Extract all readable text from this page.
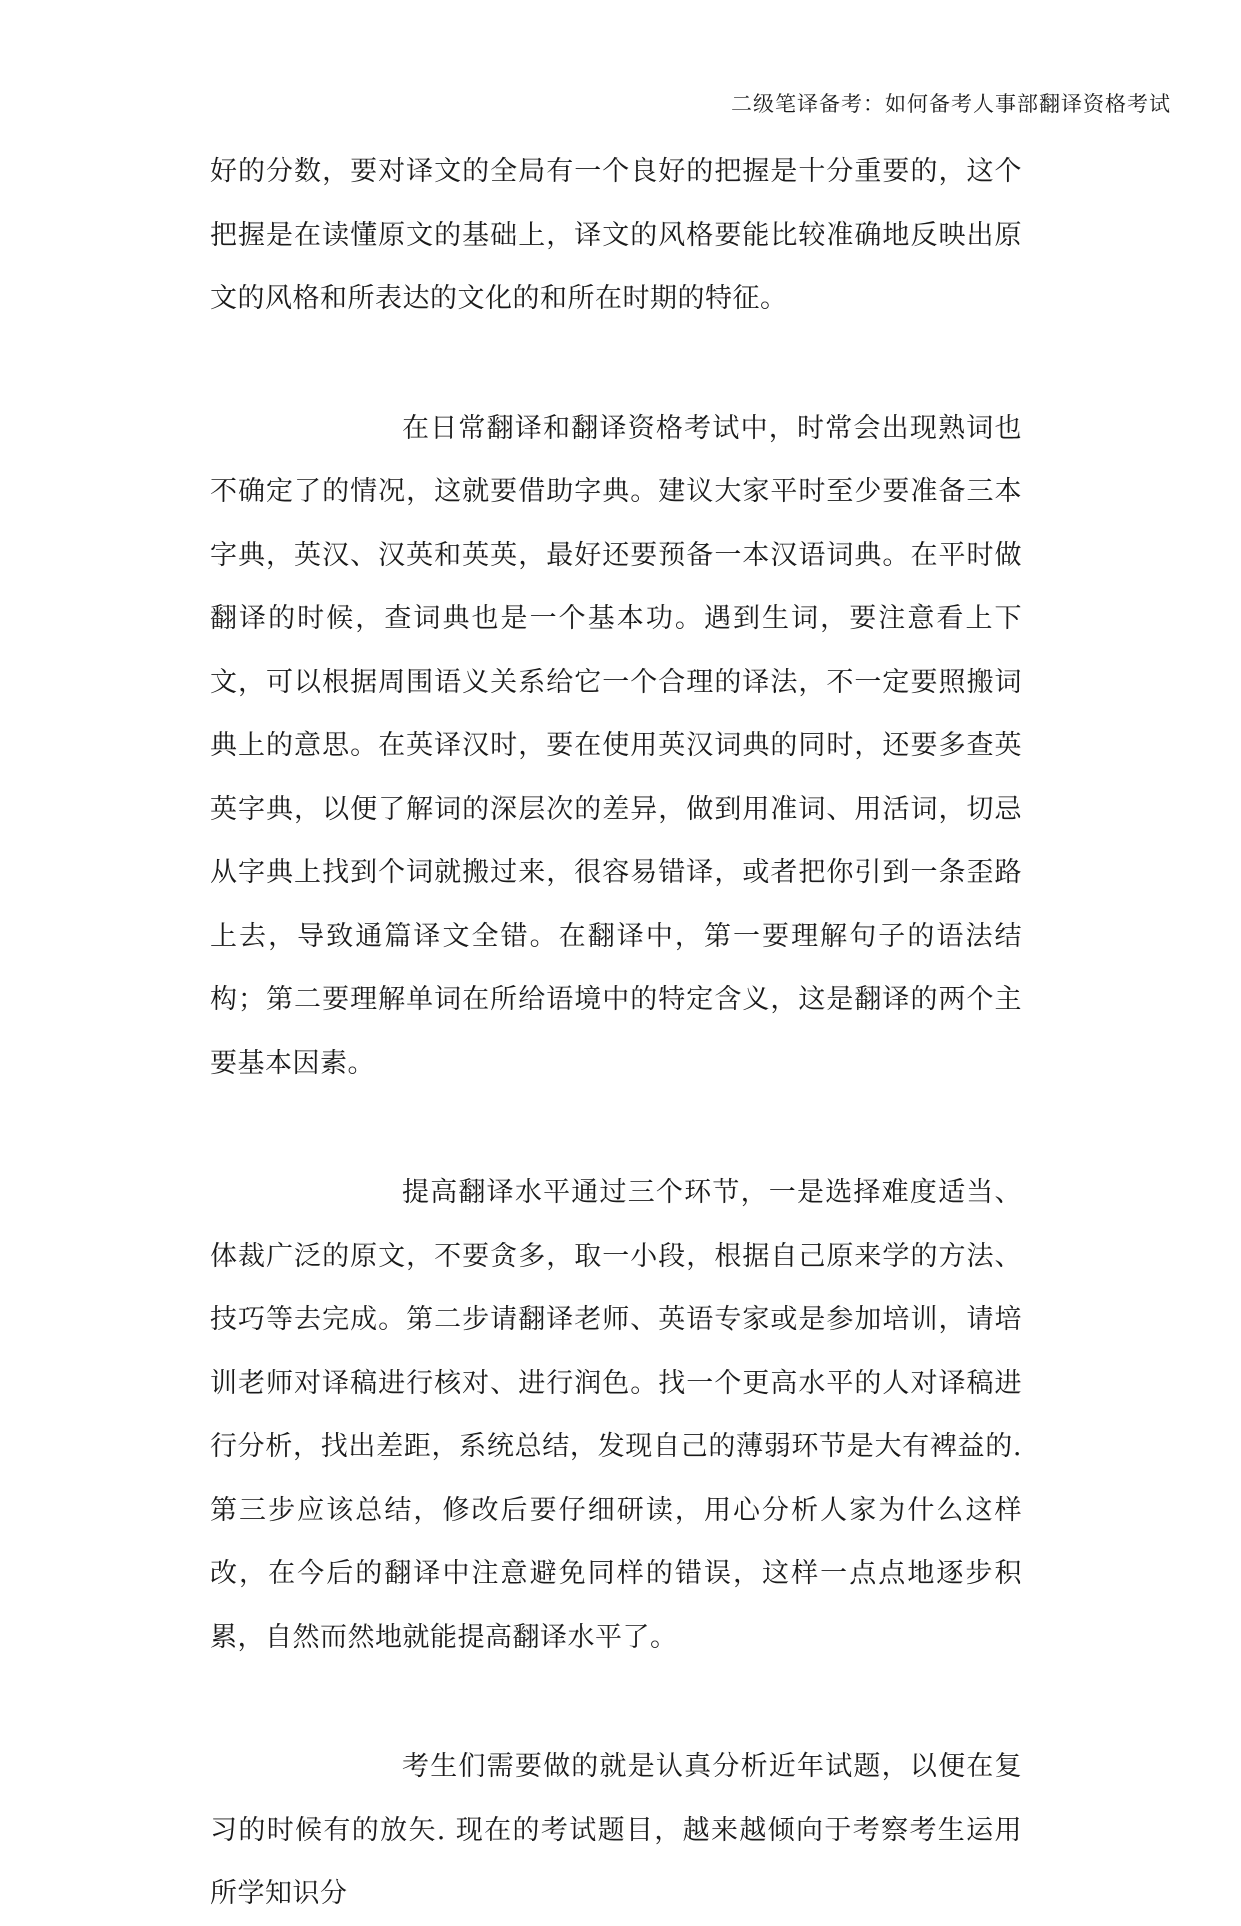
二级笔译备考：如何备考人事部翻译资格考试

好的分数，要对译文的全局有一个良好的把握是十分重要的，这个把握是在读懂原文的基础上，译文的风格要能比较准确地反映出原文的风格和所表达的文化的和所在时期的特征。

在日常翻译和翻译资格考试中，时常会出现熟词也不确定了的情况，这就要借助字典。建议大家平时至少要准备三本字典，英汉、汉英和英英，最好还要预备一本汉语词典。在平时做翻译的时候，查词典也是一个基本功。遇到生词，要注意看上下文，可以根据周围语义关系给它一个合理的译法，不一定要照搬词典上的意思。在英译汉时，要在使用英汉词典的同时，还要多查英英字典，以便了解词的深层次的差异，做到用准词、用活词，切忌从字典上找到个词就搬过来，很容易错译，或者把你引到一条歪路上去，导致通篇译文全错。在翻译中，第一要理解句子的语法结构；第二要理解单词在所给语境中的特定含义，这是翻译的两个主要基本因素。

提高翻译水平通过三个环节，一是选择难度适当、体裁广泛的原文，不要贪多，取一小段，根据自己原来学的方法、技巧等去完成。第二步请翻译老师、英语专家或是参加培训，请培训老师对译稿进行核对、进行润色。找一个更高水平的人对译稿进行分析，找出差距，系统总结，发现自己的薄弱环节是大有裨益的. 第三步应该总结，修改后要仔细研读，用心分析人家为什么这样改，在今后的翻译中注意避免同样的错误，这样一点点地逐步积累，自然而然地就能提高翻译水平了。

考生们需要做的就是认真分析近年试题，以便在复习的时候有的放矢. 现在的考试题目，越来越倾向于考察考生运用所学知识分
